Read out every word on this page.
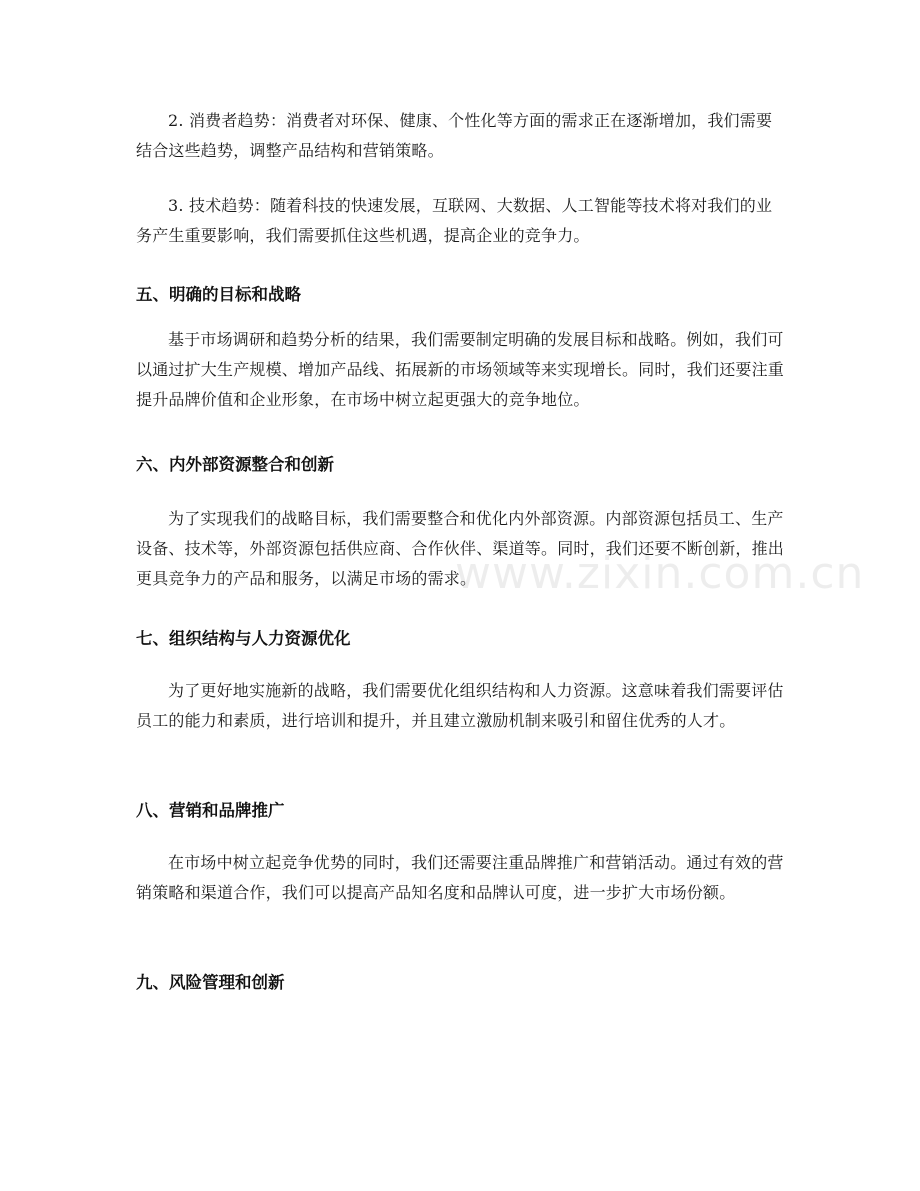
2. 消费者趋势：消费者对环保、健康、个性化等方面的需求正在逐渐增加，我们需要结合这些趋势，调整产品结构和营销策略。

3. 技术趋势：随着科技的快速发展，互联网、大数据、人工智能等技术将对我们的业务产生重要影响，我们需要抓住这些机遇，提高企业的竞争力。

五、明确的目标和战略

基于市场调研和趋势分析的结果，我们需要制定明确的发展目标和战略。例如，我们可以通过扩大生产规模、增加产品线、拓展新的市场领域等来实现增长。同时，我们还要注重提升品牌价值和企业形象，在市场中树立起更强大的竞争地位。

六、内外部资源整合和创新

为了实现我们的战略目标，我们需要整合和优化内外部资源。内部资源包括员工、生产设备、技术等，外部资源包括供应商、合作伙伴、渠道等。同时，我们还要不断创新，推出更具竞争力的产品和服务，以满足市场的需求。

七、组织结构与人力资源优化

为了更好地实施新的战略，我们需要优化组织结构和人力资源。这意味着我们需要评估员工的能力和素质，进行培训和提升，并且建立激励机制来吸引和留住优秀的人才。

八、营销和品牌推广

在市场中树立起竞争优势的同时，我们还需要注重品牌推广和营销活动。通过有效的营销策略和渠道合作，我们可以提高产品知名度和品牌认可度，进一步扩大市场份额。

九、风险管理和创新
www.zixin.com.cn
